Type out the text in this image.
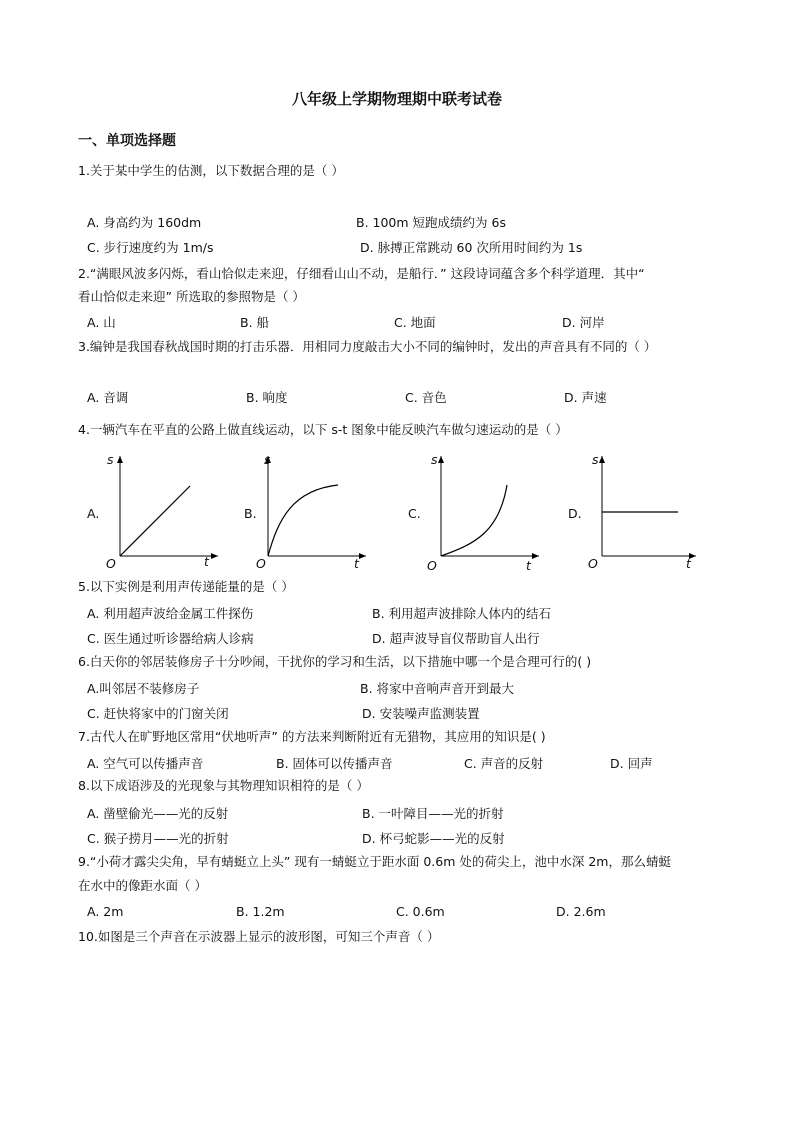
八年级上学期物理期中联考试卷
一、单项选择题
1.关于某中学生的估测，以下数据合理的是（ ）
A. 身高约为 160dm	B. 100m 短跑成绩约为 6s
C. 步行速度约为 1m/s	D. 脉搏正常跳动 60 次所用时间约为 1s
2.“满眼风波多闪烁，看山恰似走来迎，仔细看山山不动，是船行．” 这段诗词蕴含多个科学道理．其中“
看山恰似走来迎” 所选取的参照物是（ ）
A. 山	B. 船	C. 地面	D. 河岸
3.编钟是我国春秋战国时期的打击乐器．用相同力度敲击大小不同的编钟时，发出的声音具有不同的（ ）
A. 音调	B. 响度	C. 音色	D. 声速
4.一辆汽车在平直的公路上做直线运动，以下 s-t 图象中能反映汽车做匀速运动的是（ ）
A.
s
t
O
B.
s
t
O
C.
s
t
O
D.
s
t
O
5.以下实例是利用声传递能量的是（ ）
A. 利用超声波给金属工件探伤	B. 利用超声波排除人体内的结石
C. 医生通过听诊器给病人诊病	D. 超声波导盲仪帮助盲人出行
6.白天你的邻居装修房子十分吵闹，干扰你的学习和生活，以下措施中哪一个是合理可行的( )
A.叫邻居不装修房子	B. 将家中音响声音开到最大
C. 赶快将家中的门窗关闭	D. 安装噪声监测装置
7.古代人在旷野地区常用“伏地听声” 的方法来判断附近有无猎物，其应用的知识是( )
A. 空气可以传播声音	B. 固体可以传播声音	C. 声音的反射	D. 回声
8.以下成语涉及的光现象与其物理知识相符的是（ ）
A. 凿壁偷光——光的反射	B. 一叶障目——光的折射
C. 猴子捞月——光的折射	D. 杯弓蛇影——光的反射
9.“小荷才露尖尖角，早有蜻蜓立上头” 现有一蜻蜓立于距水面 0.6m 处的荷尖上，池中水深 2m，那么蜻蜓
在水中的像距水面（ ）
A. 2m	B. 1.2m	C. 0.6m	D. 2.6m
10.如图是三个声音在示波器上显示的波形图，可知三个声音（ ）
